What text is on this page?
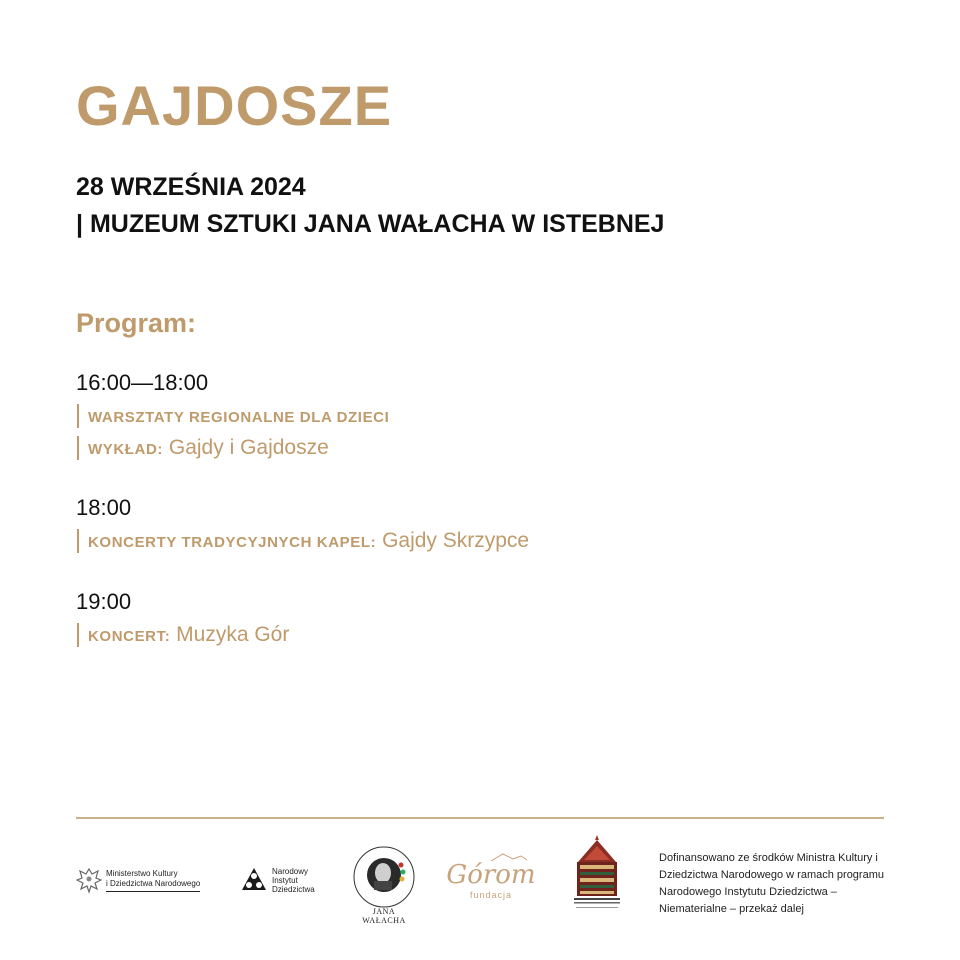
GAJDOSZE
28 WRZEŚNIA 2024
| MUZEUM SZTUKI JANA WAŁACHA W ISTEBNEJ
Program:
16:00—18:00
WARSZTATY REGIONALNE DLA DZIECI
WYKŁAD: Gajdy i Gajdosze
18:00
KONCERTY TRADYCYJNYCH KAPEL: Gajdy Skrzypce
19:00
KONCERT: Muzyka Gór
Ministerstwo Kultury
i Dziedzictwa Narodowego
Narodowy
Instytut
Dziedzictwa
JANA WAŁACHA
Górom
fundacja
Dofinansowano ze środków Ministra Kultury i Dziedzictwa Narodowego w ramach programu Narodowego Instytutu Dziedzictwa – Niematerialne – przekaż dalej
